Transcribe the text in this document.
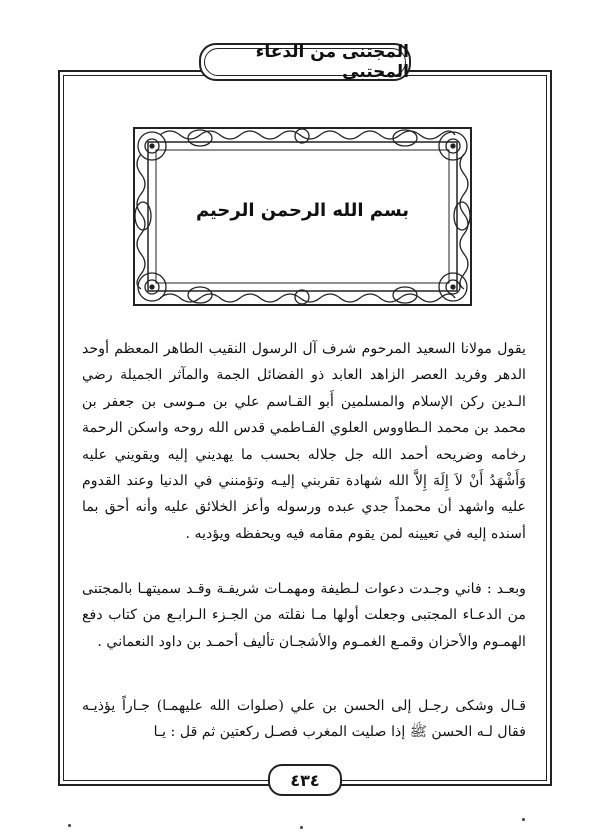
المجتنى من الدعاء المجتبى
بسم الله الرحمن الرحيم

يقول مولانا السعيد المرحوم شرف آل الرسول النقيب الطاهر المعظم أوحد الدهر وفريد العصر الزاهد العابد ذو الفضائل الجمة والمآثر الجميلة رضي الـدين ركن الإسلام والمسلمين أَبو القـاسم علي بن مـوسى بن جعفر بن محمد بن محمد الـطاووس العلوي الفـاطمي قدس الله روحه واسكن الرحمة رخامه وضريحه أحمد الله جل جلاله بحسب ما يهديني إليه ويقويني عليه وَأَشْهَدُ أَنْ لاَ إِلَهَ إِلاَّ الله شهادة تقربني إليـه وتؤمنني في الدنيا وعند القدوم عليه واشهد أن محمداً جدي عبده ورسوله وأعز الخلائق عليه وأنه أحق بما أسنده إليه في تعيينه لمن يقوم مقامه فيه ويحفظه ويؤديه .

وبعـد : فاني وجـدت دعوات لـطيفة ومهمـات شريفـة وقـد سميتهـا بالمجتنى من الدعـاء المجتبى وجعلت أولها مـا نقلته من الجـزء الـرابـع من كتاب دفع الهمـوم والأحزان وقمـع الغمـوم والأشجـان تأليف أحمـد بن داود النعماني .

قـال وشكى رجـل إلى الحسن بن علي (صلوات الله عليهمـا) جـاراً يؤذيـه فقال لـه الحسن ﷺ إذا صليت المغرب فصـل ركعتين ثم قل : يـا

٤٣٤
